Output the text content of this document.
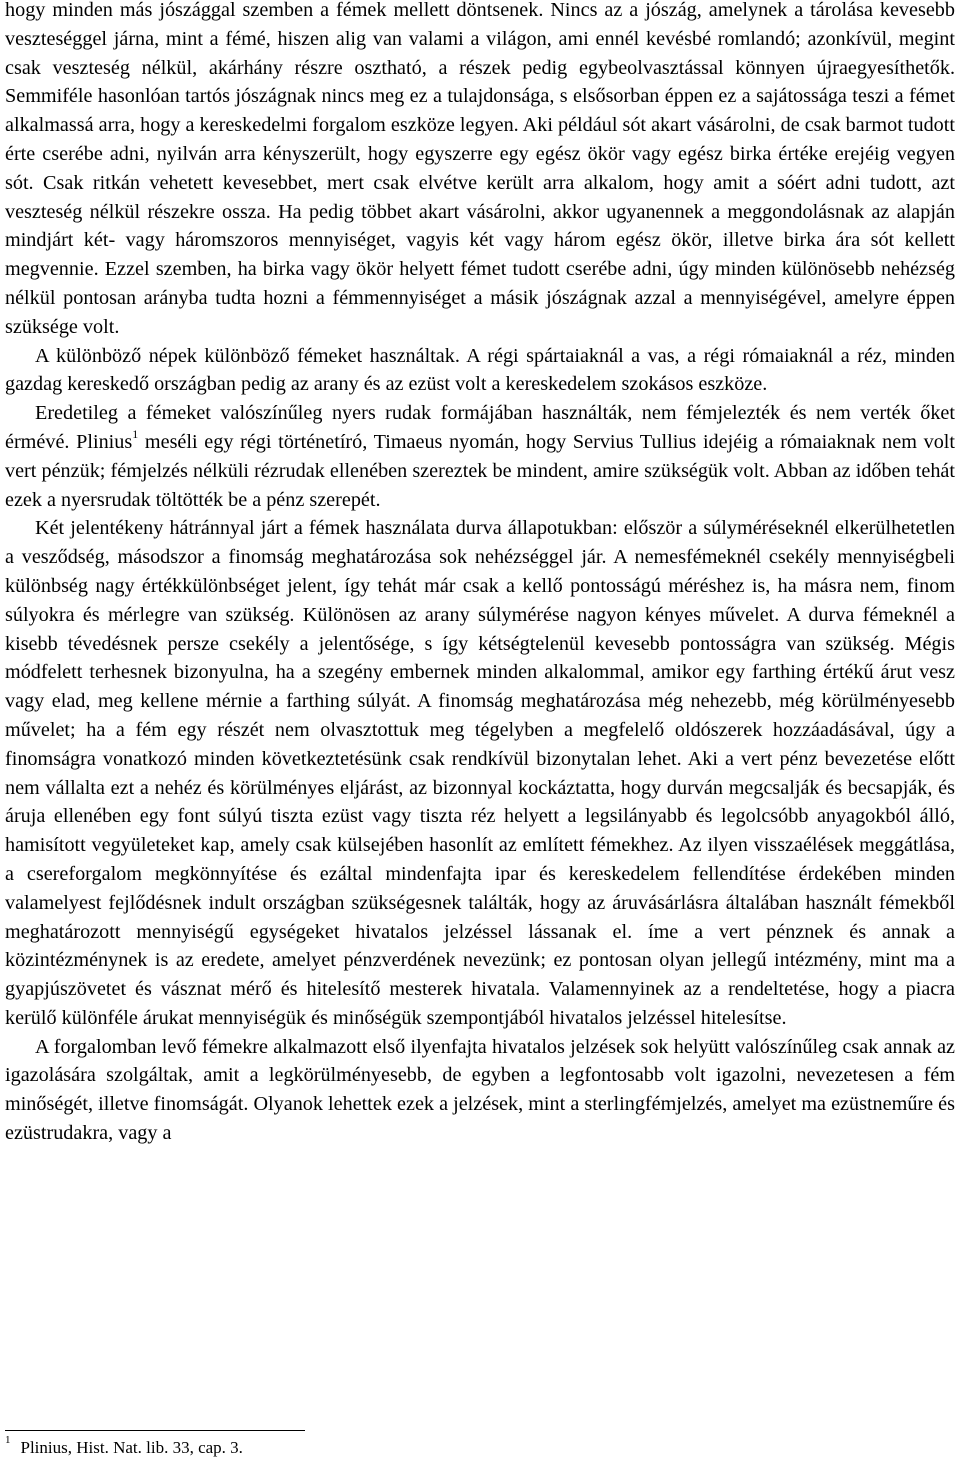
hogy minden más jószággal szemben a fémek mellett döntsenek. Nincs az a jószág, amelynek a tárolása kevesebb veszteséggel járna, mint a fémé, hiszen alig van valami a világon, ami ennél kevésbé romlandó; azonkívül, megint csak veszteség nélkül, akárhány részre osztható, a részek pedig egybeolvasztással könnyen újraegyesíthetők. Semmiféle hasonlóan tartós jószágnak nincs meg ez a tulajdonsága, s elsősorban éppen ez a sajátossága teszi a fémet alkalmassá arra, hogy a kereskedelmi forgalom eszköze legyen. Aki például sót akart vásárolni, de csak barmot tudott érte cserébe adni, nyilván arra kényszerült, hogy egyszerre egy egész ökör vagy egész birka értéke erejéig vegyen sót. Csak ritkán vehetett kevesebbet, mert csak elvétve került arra alkalom, hogy amit a sóért adni tudott, azt veszteség nélkül részekre ossza. Ha pedig többet akart vásárolni, akkor ugyanennek a meggondolásnak az alapján mindjárt két- vagy háromszoros mennyiséget, vagyis két vagy három egész ökör, illetve birka ára sót kellett megvennie. Ezzel szemben, ha birka vagy ökör helyett fémet tudott cserébe adni, úgy minden különösebb nehézség nélkül pontosan arányba tudta hozni a fémmennyiséget a másik jószágnak azzal a mennyiségével, amelyre éppen szüksége volt.

A különböző népek különböző fémeket használtak. A régi spártaiaknál a vas, a régi rómaiaknál a réz, minden gazdag kereskedő országban pedig az arany és az ezüst volt a kereskedelem szokásos eszköze.

Eredetileg a fémeket valószínűleg nyers rudak formájában használták, nem fémjelezték és nem verték őket érmévé. Plinius$^1$ meséli egy régi történetíró, Timaeus nyomán, hogy Servius Tullius idejéig a rómaiaknak nem volt vert pénzük; fémjelzés nélküli rézrudak ellenében szereztek be mindent, amire szükségük volt. Abban az időben tehát ezek a nyersrudak töltötték be a pénz szerepét.

Két jelentékeny hátránnyal járt a fémek használata durva állapotukban: először a súlyméréseknél elkerülhetetlen a vesződség, másodszor a finomság meghatározása sok nehézséggel jár. A nemesfémeknél csekély mennyiségbeli különbség nagy értékkülönbséget jelent, így tehát már csak a kellő pontosságú méréshez is, ha másra nem, finom súlyokra és mérlegre van szükség. Különösen az arany súlymérése nagyon kényes művelet. A durva fémeknél a kisebb tévedésnek persze csekély a jelentősége, s így kétségtelenül kevesebb pontosságra van szükség. Mégis módfelett terhesnek bizonyulna, ha a szegény embernek minden alkalommal, amikor egy farthing értékű árut vesz vagy elad, meg kellene mérnie a farthing súlyát. A finomság meghatározása még nehezebb, még körülményesebb művelet; ha a fém egy részét nem olvasztottuk meg tégelyben a megfelelő oldószerek hozzáadásával, úgy a finomságra vonatkozó minden következtetésünk csak rendkívül bizonytalan lehet. Aki a vert pénz bevezetése előtt nem vállalta ezt a nehéz és körülményes eljárást, az bizonnyal kockáztatta, hogy durván megcsalják és becsapják, és áruja ellenében egy font súlyú tiszta ezüst vagy tiszta réz helyett a legsilányabb és legolcsóbb anyagokból álló, hamisított vegyületeket kap, amely csak külsejében hasonlít az említett fémekhez. Az ilyen visszaélések meggátlása, a csereforgalom megkönnyítése és ezáltal mindenfajta ipar és kereskedelem fellendítése érdekében minden valamelyest fejlődésnek indult országban szükségesnek találták, hogy az áruvásárlásra általában használt fémekből meghatározott mennyiségű egységeket hivatalos jelzéssel lássanak el. íme a vert pénznek és annak a közintézménynek is az eredete, amelyet pénzverdének nevezünk; ez pontosan olyan jellegű intézmény, mint ma a gyapjúszövetet és vásznat mérő és hitelesítő mesterek hivatala. Valamennyinek az a rendeltetése, hogy a piacra kerülő különféle árukat mennyiségük és minőségük szempontjából hivatalos jelzéssel hitelesítse.

A forgalomban levő fémekre alkalmazott első ilyenfajta hivatalos jelzések sok helyütt valószínűleg csak annak az igazolására szolgáltak, amit a legkörülményesebb, de egyben a legfontosabb volt igazolni, nevezetesen a fém minőségét, illetve finomságát. Olyanok lehettek ezek a jelzések, mint a sterlingfémjelzés, amelyet ma ezüstneműre és ezüstrudakra, vagy a

$^1$ Plinius, Hist. Nat. lib. 33, cap. 3.
